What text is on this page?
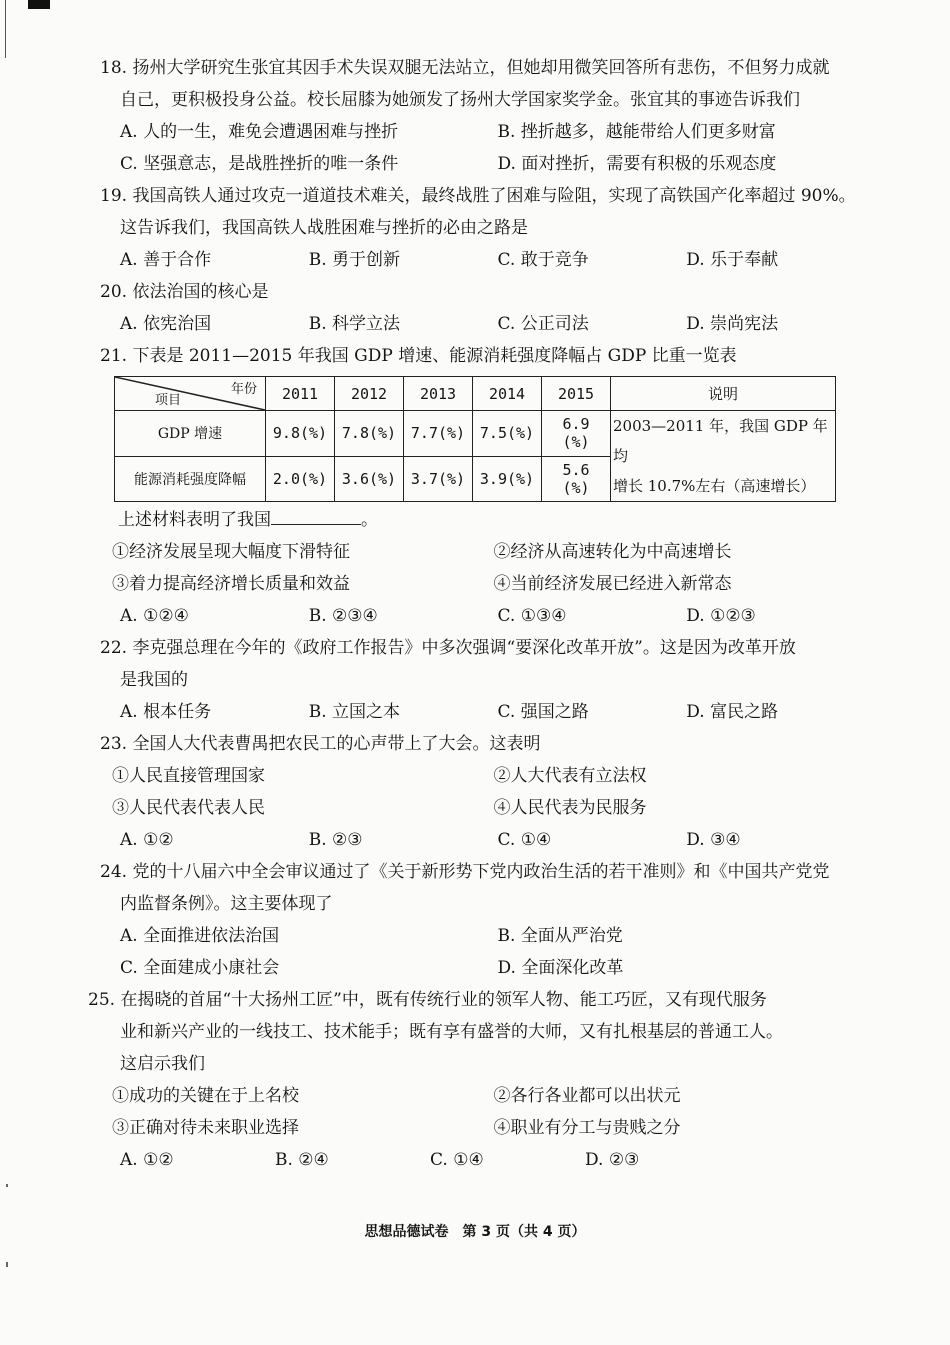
18. 扬州大学研究生张宜其因手术失误双腿无法站立，但她却用微笑回答所有悲伤，不但努力成就
自己，更积极投身公益。校长屈膝为她颁发了扬州大学国家奖学金。张宜其的事迹告诉我们
A. 人的一生，难免会遭遇困难与挫折	B. 挫折越多，越能带给人们更多财富
C. 坚强意志，是战胜挫折的唯一条件	D. 面对挫折，需要有积极的乐观态度
19. 我国高铁人通过攻克一道道技术难关，最终战胜了困难与险阻，实现了高铁国产化率超过 90%。
这告诉我们，我国高铁人战胜困难与挫折的必由之路是
A. 善于合作	B. 勇于创新	C. 敢于竞争	D. 乐于奉献
20. 依法治国的核心是
A. 依宪治国	B. 科学立法	C. 公正司法	D. 崇尚宪法
21. 下表是 2011—2015 年我国 GDP 增速、能源消耗强度降幅占 GDP 比重一览表
年份
项目	2011	2012	2013	2014	2015	说明
GDP 增速	9.8(%)	7.8(%)	7.7(%)	7.5(%)	6.9 (%)	2003—2011 年，我国 GDP 年均
增长 10.7%左右（高速增长）

能源消耗强度降幅	2.0(%)	3.6(%)	3.7(%)	3.9(%)	5.6 (%)	
上述材料表明了我国	。
①经济发展呈现大幅度下滑特征	②经济从高速转化为中高速增长
③着力提高经济增长质量和效益	④当前经济发展已经进入新常态
A. ①②④	B. ②③④	C. ①③④	D. ①②③
22. 李克强总理在今年的《政府工作报告》中多次强调“要深化改革开放”。这是因为改革开放
是我国的
A. 根本任务	B. 立国之本	C. 强国之路	D. 富民之路
23. 全国人大代表曹禺把农民工的心声带上了大会。这表明
①人民直接管理国家	②人大代表有立法权
③人民代表代表人民	④人民代表为民服务
A. ①②	B. ②③	C. ①④	D. ③④
24. 党的十八届六中全会审议通过了《关于新形势下党内政治生活的若干准则》和《中国共产党党
内监督条例》。这主要体现了
A. 全面推进依法治国	B. 全面从严治党
C. 全面建成小康社会	D. 全面深化改革
25. 在揭晓的首届“十大扬州工匠”中，既有传统行业的领军人物、能工巧匠，又有现代服务
业和新兴产业的一线技工、技术能手；既有享有盛誉的大师，又有扎根基层的普通工人。
这启示我们
①成功的关键在于上名校	②各行各业都可以出状元
③正确对待未来职业选择	④职业有分工与贵贱之分
A. ①②	B. ②④	C. ①④	D. ②③
思想品德试卷　第 3 页（共 4 页）
